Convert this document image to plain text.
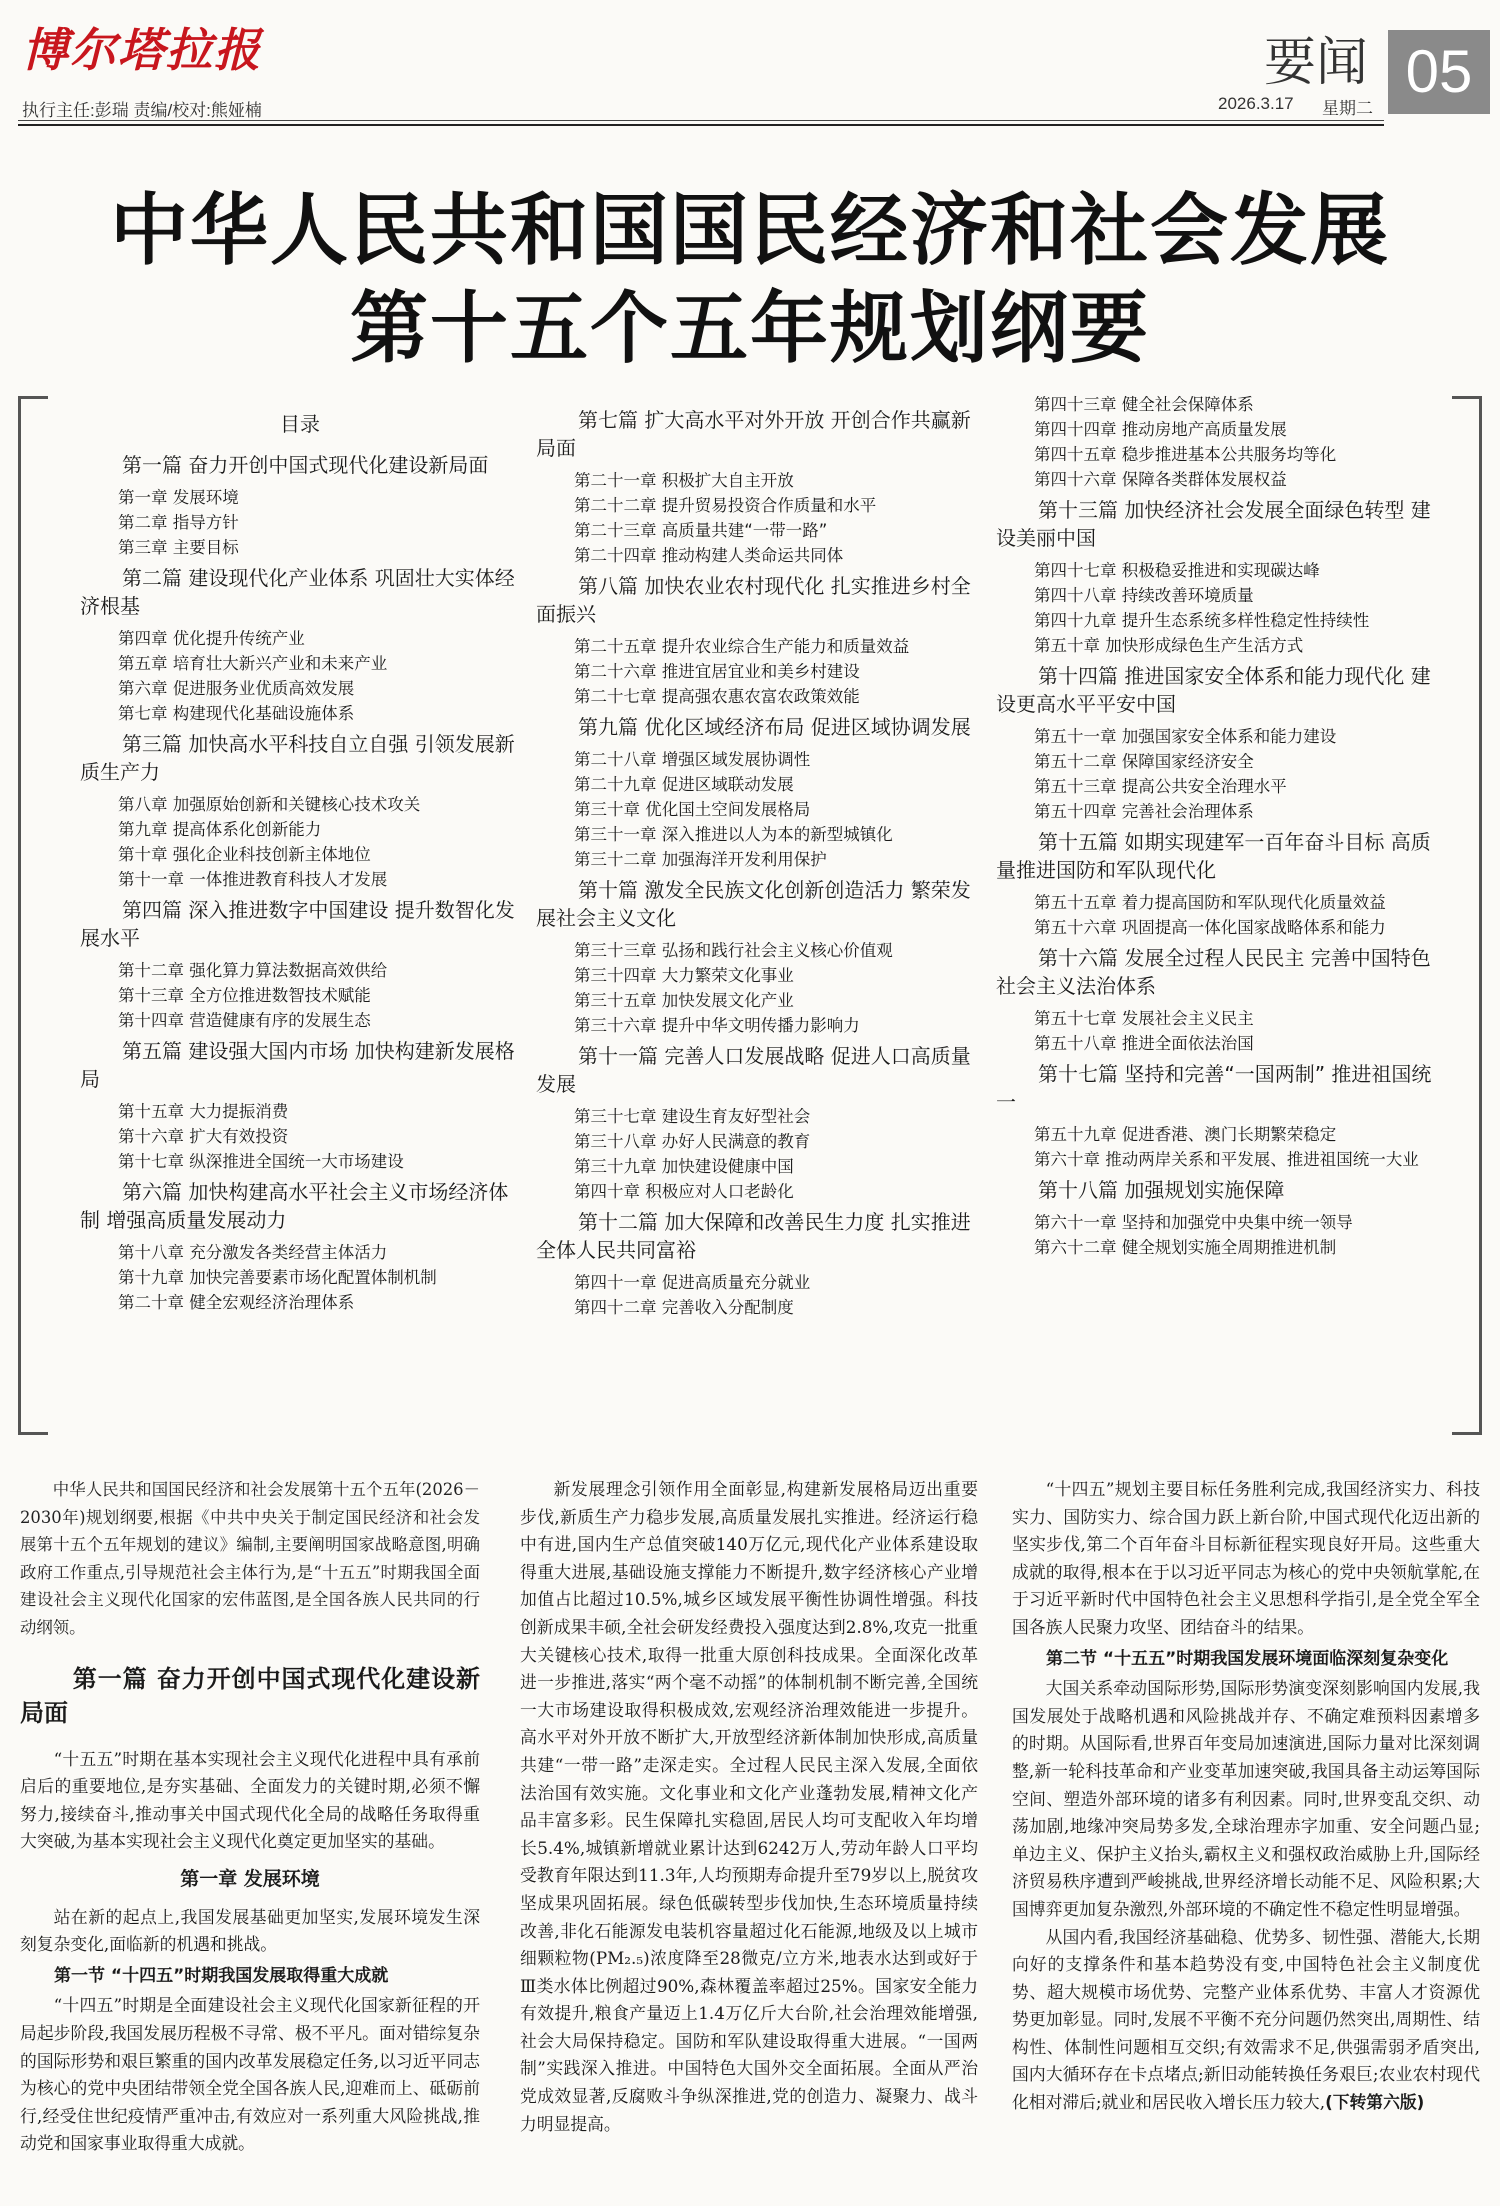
博尔塔拉报
执行主任:彭瑞 责编/校对:熊娅楠
要闻 05
2026.3.17 星期二
中华人民共和国国民经济和社会发展
第十五个五年规划纲要
目录

第一篇 奋力开创中国式现代化建设新局面

第一章 发展环境

第二章 指导方针

第三章 主要目标

第二篇 建设现代化产业体系 巩固壮大实体经济根基

第四章 优化提升传统产业

第五章 培育壮大新兴产业和未来产业

第六章 促进服务业优质高效发展

第七章 构建现代化基础设施体系

第三篇 加快高水平科技自立自强 引领发展新质生产力

第八章 加强原始创新和关键核心技术攻关

第九章 提高体系化创新能力

第十章 强化企业科技创新主体地位

第十一章 一体推进教育科技人才发展

第四篇 深入推进数字中国建设 提升数智化发展水平

第十二章 强化算力算法数据高效供给

第十三章 全方位推进数智技术赋能

第十四章 营造健康有序的发展生态

第五篇 建设强大国内市场 加快构建新发展格局

第十五章 大力提振消费

第十六章 扩大有效投资

第十七章 纵深推进全国统一大市场建设

第六篇 加快构建高水平社会主义市场经济体制 增强高质量发展动力

第十八章 充分激发各类经营主体活力

第十九章 加快完善要素市场化配置体制机制

第二十章 健全宏观经济治理体系

第七篇 扩大高水平对外开放 开创合作共赢新局面

第二十一章 积极扩大自主开放

第二十二章 提升贸易投资合作质量和水平

第二十三章 高质量共建“一带一路”

第二十四章 推动构建人类命运共同体

第八篇 加快农业农村现代化 扎实推进乡村全面振兴

第二十五章 提升农业综合生产能力和质量效益

第二十六章 推进宜居宜业和美乡村建设

第二十七章 提高强农惠农富农政策效能

第九篇 优化区域经济布局 促进区域协调发展

第二十八章 增强区域发展协调性

第二十九章 促进区域联动发展

第三十章 优化国土空间发展格局

第三十一章 深入推进以人为本的新型城镇化

第三十二章 加强海洋开发利用保护

第十篇 激发全民族文化创新创造活力 繁荣发展社会主义文化

第三十三章 弘扬和践行社会主义核心价值观

第三十四章 大力繁荣文化事业

第三十五章 加快发展文化产业

第三十六章 提升中华文明传播力影响力

第十一篇 完善人口发展战略 促进人口高质量发展

第三十七章 建设生育友好型社会

第三十八章 办好人民满意的教育

第三十九章 加快建设健康中国

第四十章 积极应对人口老龄化

第十二篇 加大保障和改善民生力度 扎实推进全体人民共同富裕

第四十一章 促进高质量充分就业

第四十二章 完善收入分配制度

第四十三章 健全社会保障体系

第四十四章 推动房地产高质量发展

第四十五章 稳步推进基本公共服务均等化

第四十六章 保障各类群体发展权益

第十三篇 加快经济社会发展全面绿色转型 建设美丽中国

第四十七章 积极稳妥推进和实现碳达峰

第四十八章 持续改善环境质量

第四十九章 提升生态系统多样性稳定性持续性

第五十章 加快形成绿色生产生活方式

第十四篇 推进国家安全体系和能力现代化 建设更高水平平安中国

第五十一章 加强国家安全体系和能力建设

第五十二章 保障国家经济安全

第五十三章 提高公共安全治理水平

第五十四章 完善社会治理体系

第十五篇 如期实现建军一百年奋斗目标 高质量推进国防和军队现代化

第五十五章 着力提高国防和军队现代化质量效益

第五十六章 巩固提高一体化国家战略体系和能力

第十六篇 发展全过程人民民主 完善中国特色社会主义法治体系

第五十七章 发展社会主义民主

第五十八章 推进全面依法治国

第十七篇 坚持和完善“一国两制” 推进祖国统一

第五十九章 促进香港、澳门长期繁荣稳定

第六十章 推动两岸关系和平发展、推进祖国统一大业

第十八篇 加强规划实施保障

第六十一章 坚持和加强党中央集中统一领导

第六十二章 健全规划实施全周期推进机制

中华人民共和国国民经济和社会发展第十五个五年(2026－2030年)规划纲要,根据《中共中央关于制定国民经济和社会发展第十五个五年规划的建议》编制,主要阐明国家战略意图,明确政府工作重点,引导规范社会主体行为,是“十五五”时期我国全面建设社会主义现代化国家的宏伟蓝图,是全国各族人民共同的行动纲领。

第一篇 奋力开创中国式现代化建设新局面

“十五五”时期在基本实现社会主义现代化进程中具有承前启后的重要地位,是夯实基础、全面发力的关键时期,必须不懈努力,接续奋斗,推动事关中国式现代化全局的战略任务取得重大突破,为基本实现社会主义现代化奠定更加坚实的基础。

第一章 发展环境

站在新的起点上,我国发展基础更加坚实,发展环境发生深刻复杂变化,面临新的机遇和挑战。

第一节 “十四五”时期我国发展取得重大成就

“十四五”时期是全面建设社会主义现代化国家新征程的开局起步阶段,我国发展历程极不寻常、极不平凡。面对错综复杂的国际形势和艰巨繁重的国内改革发展稳定任务,以习近平同志为核心的党中央团结带领全党全国各族人民,迎难而上、砥砺前行,经受住世纪疫情严重冲击,有效应对一系列重大风险挑战,推动党和国家事业取得重大成就。

新发展理念引领作用全面彰显,构建新发展格局迈出重要步伐,新质生产力稳步发展,高质量发展扎实推进。经济运行稳中有进,国内生产总值突破140万亿元,现代化产业体系建设取得重大进展,基础设施支撑能力不断提升,数字经济核心产业增加值占比超过10.5%,城乡区域发展平衡性协调性增强。科技创新成果丰硕,全社会研发经费投入强度达到2.8%,攻克一批重大关键核心技术,取得一批重大原创科技成果。全面深化改革进一步推进,落实“两个毫不动摇”的体制机制不断完善,全国统一大市场建设取得积极成效,宏观经济治理效能进一步提升。高水平对外开放不断扩大,开放型经济新体制加快形成,高质量共建“一带一路”走深走实。全过程人民民主深入发展,全面依法治国有效实施。文化事业和文化产业蓬勃发展,精神文化产品丰富多彩。民生保障扎实稳固,居民人均可支配收入年均增长5.4%,城镇新增就业累计达到6242万人,劳动年龄人口平均受教育年限达到11.3年,人均预期寿命提升至79岁以上,脱贫攻坚成果巩固拓展。绿色低碳转型步伐加快,生态环境质量持续改善,非化石能源发电装机容量超过化石能源,地级及以上城市细颗粒物(PM₂.₅)浓度降至28微克/立方米,地表水达到或好于Ⅲ类水体比例超过90%,森林覆盖率超过25%。国家安全能力有效提升,粮食产量迈上1.4万亿斤大台阶,社会治理效能增强,社会大局保持稳定。国防和军队建设取得重大进展。“一国两制”实践深入推进。中国特色大国外交全面拓展。全面从严治党成效显著,反腐败斗争纵深推进,党的创造力、凝聚力、战斗力明显提高。

“十四五”规划主要目标任务胜利完成,我国经济实力、科技实力、国防实力、综合国力跃上新台阶,中国式现代化迈出新的坚实步伐,第二个百年奋斗目标新征程实现良好开局。这些重大成就的取得,根本在于以习近平同志为核心的党中央领航掌舵,在于习近平新时代中国特色社会主义思想科学指引,是全党全军全国各族人民聚力攻坚、团结奋斗的结果。

第二节 “十五五”时期我国发展环境面临深刻复杂变化

大国关系牵动国际形势,国际形势演变深刻影响国内发展,我国发展处于战略机遇和风险挑战并存、不确定难预料因素增多的时期。从国际看,世界百年变局加速演进,国际力量对比深刻调整,新一轮科技革命和产业变革加速突破,我国具备主动运筹国际空间、塑造外部环境的诸多有利因素。同时,世界变乱交织、动荡加剧,地缘冲突局势多发,全球治理赤字加重、安全问题凸显;单边主义、保护主义抬头,霸权主义和强权政治威胁上升,国际经济贸易秩序遭到严峻挑战,世界经济增长动能不足、风险积累;大国博弈更加复杂激烈,外部环境的不确定性不稳定性明显增强。

从国内看,我国经济基础稳、优势多、韧性强、潜能大,长期向好的支撑条件和基本趋势没有变,中国特色社会主义制度优势、超大规模市场优势、完整产业体系优势、丰富人才资源优势更加彰显。同时,发展不平衡不充分问题仍然突出,周期性、结构性、体制性问题相互交织;有效需求不足,供强需弱矛盾突出,国内大循环存在卡点堵点;新旧动能转换任务艰巨;农业农村现代化相对滞后;就业和居民收入增长压力较大,(下转第六版)
